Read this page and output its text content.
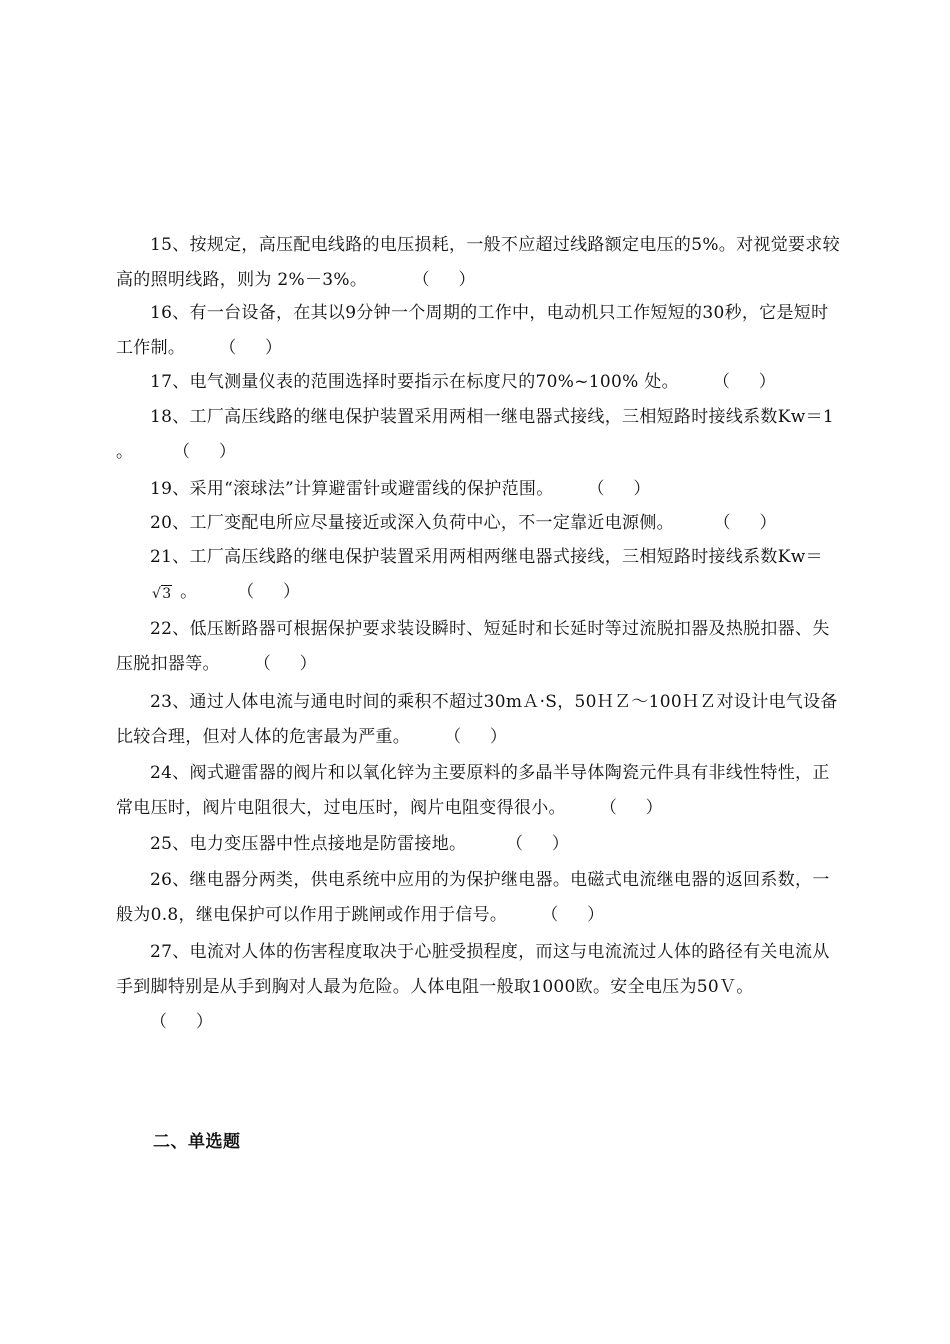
15、按规定，高压配电线路的电压损耗，一般不应超过线路额定电压的5%。对视觉要求较高的照明线路，则为 2%－3%。  （     ）
16、有一台设备，在其以9分钟一个周期的工作中，电动机只工作短短的30秒，它是短时工作制。 （     ）
17、电气测量仪表的范围选择时要指示在标度尺的70%~100% 处。 （     ）
18、工厂高压线路的继电保护装置采用两相一继电器式接线，三相短路时接线系数Kw＝1 。 （     ）
19、采用“滚球法”计算避雷针或避雷线的保护范围。 （     ）
20、工厂变配电所应尽量接近或深入负荷中心，不一定靠近电源侧。 （     ）
21、工厂高压线路的继电保护装置采用两相两继电器式接线，三相短路时接线系数Kw＝√3 。 （     ）
22、低压断路器可根据保护要求装设瞬时、短延时和长延时等过流脱扣器及热脱扣器、失压脱扣器等。 （     ）
23、通过人体电流与通电时间的乘积不超过30mＡ·S，50ＨＺ～100ＨＺ对设计电气设备比较合理，但对人体的危害最为严重。 （     ）
24、阀式避雷器的阀片和以氧化锌为主要原料的多晶半导体陶瓷元件具有非线性特性，正常电压时，阀片电阻很大，过电压时，阀片电阻变得很小。 （     ）
25、电力变压器中性点接地是防雷接地。 （     ）
26、继电器分两类，供电系统中应用的为保护继电器。电磁式电流继电器的返回系数，一般为0.8，继电保护可以作用于跳闸或作用于信号。 （     ）
27、电流对人体的伤害程度取决于心脏受损程度，而这与电流流过人体的路径有关电流从手到脚特别是从手到胸对人最为危险。人体电阻一般取1000欧。安全电压为50Ｖ。（     ）
二、单选题
